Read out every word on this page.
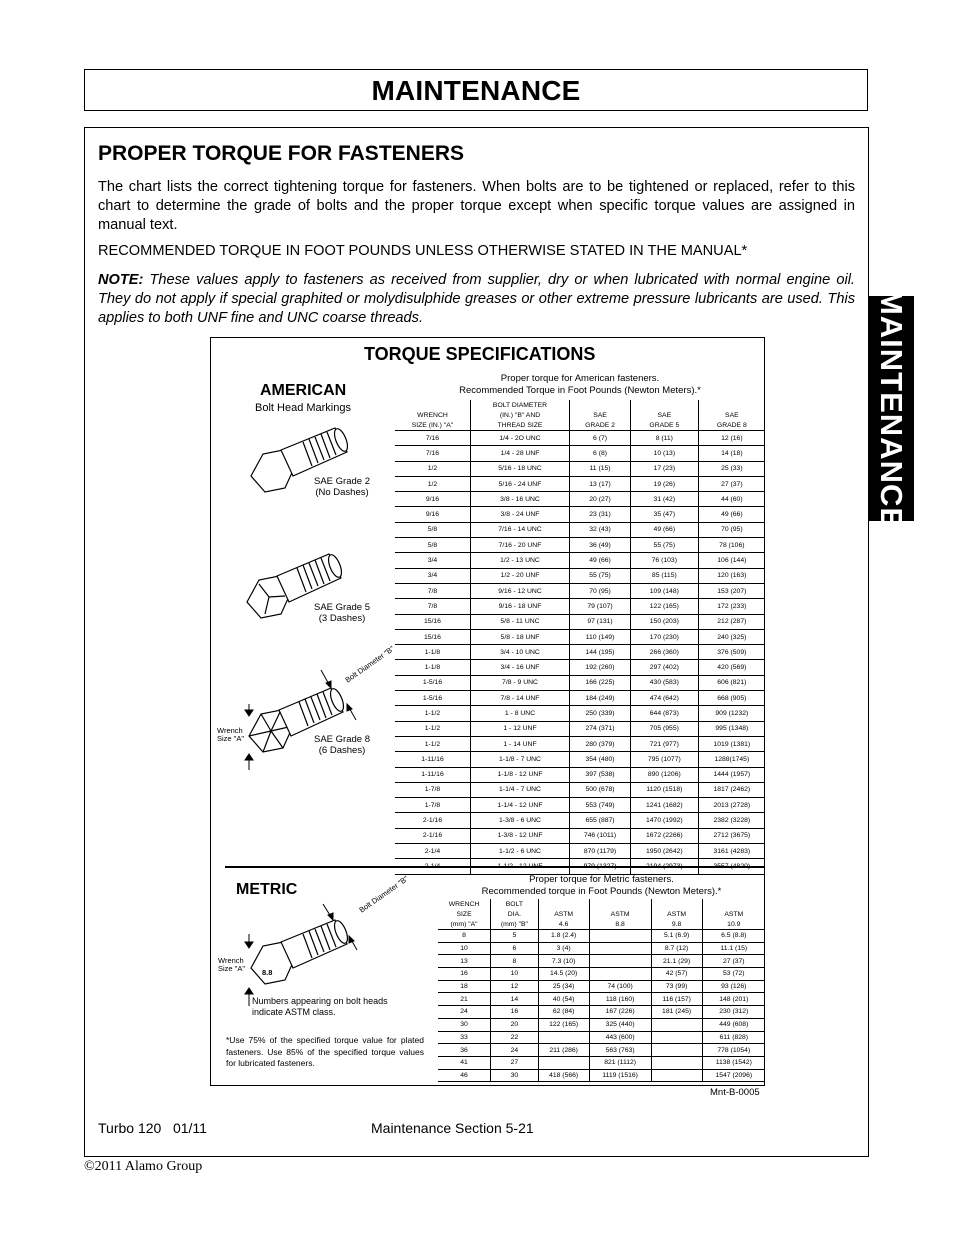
MAINTENANCE
MAINTENANCE
PROPER TORQUE FOR FASTENERS
The chart lists the correct tightening torque for fasteners. When bolts are to be tightened or replaced, refer to this chart to determine the grade of bolts and the proper torque except when specific torque values are assigned in manual text.
RECOMMENDED TORQUE IN FOOT POUNDS UNLESS OTHERWISE STATED IN THE MANUAL*
NOTE: These values apply to fasteners as received from supplier, dry or when lubricated with normal engine oil. They do not apply if special graphited or molydisulphide greases or other extreme pressure lubricants are used. This applies to both UNF fine and UNC coarse threads.
TORQUE SPECIFICATIONS
AMERICAN
Bolt Head Markings
Proper torque for American fasteners.
Recommended Torque in Foot Pounds (Newton Meters).*
SAE Grade 2
(No Dashes)
SAE Grade 5
(3 Dashes)
SAE Grade 8
(6 Dashes)
Bolt Diameter "B"
Wrench
Size "A"
	BOLT DIAMETER			
WRENCH	(IN.) "B" AND	SAE	SAE	SAE
SIZE (IN.) "A"	THREAD SIZE	GRADE 2	GRADE 5	GRADE 8
7/16	1/4 - 2O UNC	6 (7)	8 (11)	12 (16)
7/16	1/4 - 28 UNF	6 (8)	10 (13)	14 (18)
1/2	5/16 - 18 UNC	11 (15)	17 (23)	25 (33)
1/2	5/16 - 24 UNF	13 (17)	19 (26)	27 (37)
9/16	3/8 - 16 UNC	20 (27)	31 (42)	44 (60)
9/16	3/8 - 24 UNF	23 (31)	35 (47)	49 (66)
5/8	7/16 - 14 UNC	32 (43)	49 (66)	70 (95)
5/8	7/16 - 20 UNF	36 (49)	55 (75)	78 (106)
3/4	1/2 - 13 UNC	49 (66)	76 (103)	106 (144)
3/4	1/2 - 20 UNF	55 (75)	85 (115)	120 (163)
7/8	9/16 - 12 UNC	70 (95)	109 (148)	153 (207)
7/8	9/16 - 18 UNF	79 (107)	122 (165)	172 (233)
15/16	5/8 - 11 UNC	97 (131)	150 (203)	212 (287)
15/16	5/8 - 18 UNF	110 (149)	170 (230)	240 (325)
1-1/8	3/4 - 10 UNC	144 (195)	266 (360)	376 (509)
1-1/8	3/4 - 16 UNF	192 (260)	297 (402)	420 (569)
1-5/16	7/8 - 9 UNC	166 (225)	430 (583)	606 (821)
1-5/16	7/8 - 14 UNF	184 (249)	474 (642)	668 (905)
1-1/2	1 - 8 UNC	250 (339)	644 (873)	909 (1232)
1-1/2	1 - 12 UNF	274 (371)	705 (955)	995 (1348)
1-1/2	1 - 14 UNF	280 (379)	721 (977)	1019 (1381)
1-11/16	1-1/8 - 7 UNC	354 (480)	795 (1077)	1288(1745)
1-11/16	1-1/8 - 12 UNF	397 (538)	890 (1206)	1444 (1957)
1-7/8	1-1/4 - 7 UNC	500 (678)	1120 (1518)	1817 (2462)
1-7/8	1-1/4 - 12 UNF	553 (749)	1241 (1682)	2013 (2728)
2-1/16	1-3/8 - 6 UNC	655 (887)	1470 (1992)	2382 (3228)
2-1/16	1-3/8 - 12 UNF	746 (1011)	1672 (2266)	2712 (3675)
2-1/4	1-1/2 - 6 UNC	870 (1179)	1950 (2642)	3161 (4283)
2-1/4	1-1/2 - 12 UNF	979 (1327)	2194 (2973)	3557 (4820)
METRIC
Proper torque for Metric fasteners.
Recommended torque in Foot Pounds (Newton Meters).*
Bolt Diameter "B"
Wrench
Size "A" 8.8
Numbers appearing on bolt heads
indicate ASTM class.
WRENCH	BOLT				
SIZE	DIA.	ASTM	ASTM	ASTM	ASTM
(mm) "A"	(mm) "B"	4.6	8.8	9.8	10.9
8	5	1.8 (2.4)		5.1 (6.9)	6.5 (8.8)
10	6	3 (4)		8.7 (12)	11.1 (15)
13	8	7.3 (10)		21.1 (29)	27 (37)
16	10	14.5 (20)		42 (57)	53 (72)
18	12	25 (34)	74 (100)	73 (99)	93 (126)
21	14	40 (54)	118 (160)	116 (157)	148 (201)
24	16	62 (84)	167 (226)	181 (245)	230 (312)
30	20	122 (165)	325 (440)		449 (608)
33	22		443 (600)		611 (828)
36	24	211 (286)	563 (763)		778 (1054)
41	27		821 (1112)		1138 (1542)
46	30	418 (566)	1119 (1516)		1547 (2096)
*Use 75% of the specified torque value for plated fasteners. Use 85% of the specified torque values for lubricated fasteners.
Mnt-B-0005
Turbo 120   01/11	Maintenance Section 5-21
©2011 Alamo Group
